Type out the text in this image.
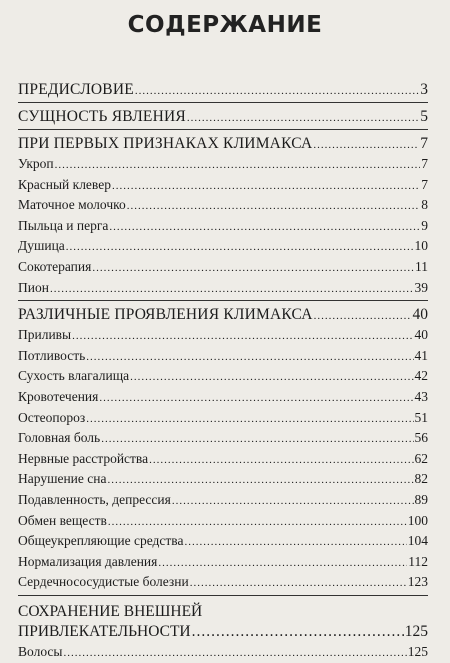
СОДЕРЖАНИЕ
ПРЕДИСЛОВИЕ .....	3
СУЩНОСТЬ ЯВЛЕНИЯ .....	5
ПРИ ПЕРВЫХ ПРИЗНАКАХ КЛИМАКСА .....	7
Укроп .....	7
Красный клевер .....	7
Маточное молочко .....	8
Пыльца и перга .....	9
Душица .....	10
Сокотерапия .....	11
Пион .....	39
РАЗЛИЧНЫЕ ПРОЯВЛЕНИЯ КЛИМАКСА .....	40
Приливы .....	40
Потливость .....	41
Сухость влагалища .....	42
Кровотечения .....	43
Остеопороз .....	51
Головная боль .....	56
Нервные расстройства .....	62
Нарушение сна .....	82
Подавленность, депрессия .....	89
Обмен веществ .....	100
Общеукрепляющие средства .....	104
Нормализация давления .....	112
Сердечнососудистые болезни .....	123
СОХРАНЕНИЕ ВНЕШНЕЙ
ПРИВЛЕКАТЕЛЬНОСТИ .....	125
Волосы .....	125
